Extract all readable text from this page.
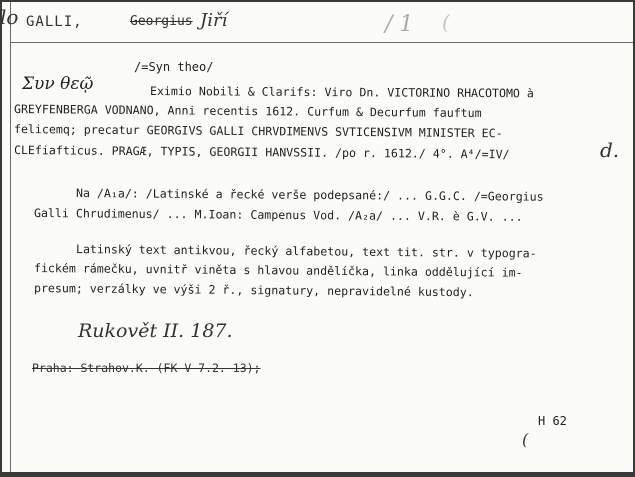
lo GALLI,	Georgius Jiří	/ 1 (
/=Syn theo/
Συν θεῷ	Eximio Nobili & Clarifs: Viro Dn. VICTORINO RHACOTOMO à
GREYFENBERGA VODNANO, Anni recentis 1612. Curfum & Decurfum fauftum
felicemq; precatur GEORGIVS GALLI CHRVDIMENVS SVTICENSIVM MINISTER EC-
CLEfiafticus. PRAGÆ, TYPIS, GEORGII HANVSSII. /po r. 1612./ 4°. A⁴/=IV/	d.
Na /A₁a/: /Latinské a řecké verše podepsané:/ ... G.G.C. /=Georgius
Galli Chrudimenus/ ... M.Ioan: Campenus Vod. /A₂a/ ... V.R. è G.V. ...
Latinský text antikvou, řecký alfabetou, text tit. str. v typogra-
fickém rámečku, uvnitř viněta s hlavou andělíčka, linka oddělující im-
presum; verzálky ve výši 2 ř., signatury, nepravidelné kustody.
Rukovět II. 187.
Praha: Strahov.K. (FK V 7.2. 13);
H 62
(
